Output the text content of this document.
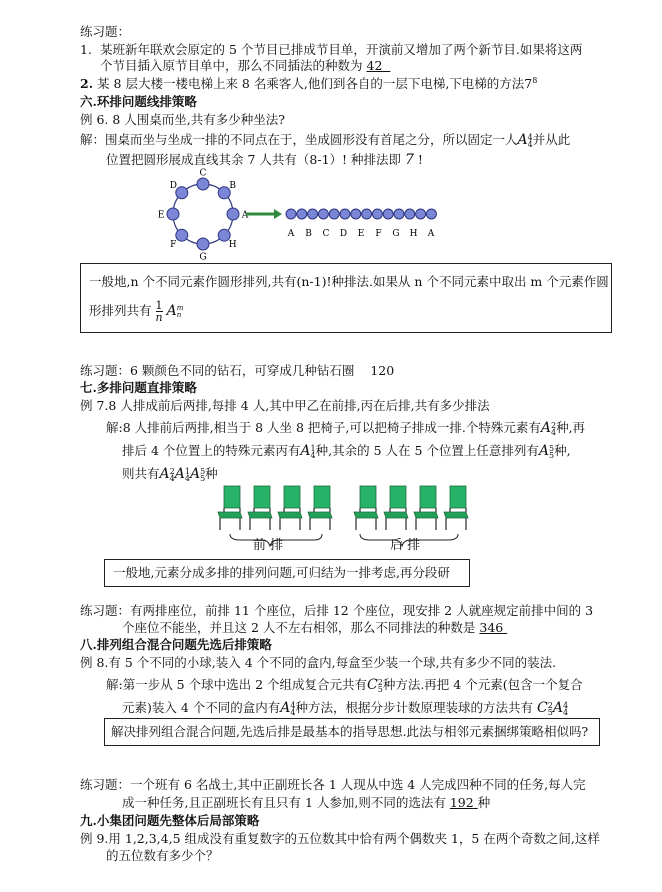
练习题：
1. 某班新年联欢会原定的 5 个节目已排成节目单，开演前又增加了两个新节目.如果将这两
个节目插入原节目单中，那么不同插法的种数为 42
2. 某 8 层大楼一楼电梯上来 8 名乘客人,他们到各自的一层下电梯,下电梯的方法$7^8$
六.环排问题线排策略
例 6. 8 人围桌而坐,共有多少种坐法?
解：围桌而坐与坐成一排的不同点在于，坐成圆形没有首尾之分，所以固定一人A4
4并从此
位置把圆形展成直线其余 7 人共有（8-1）! 种排法即 7 !
C
B
A
H
G
F
E
D
A B C D E F G H A
一般地,n 个不同元素作圆形排列,共有(n-1)!种排法.如果从 n 个不同元素中取出 m 个元素作圆
形排列共有 $\frac{1}{n}$ Am
n
练习题：6 颗颜色不同的钻石，可穿成几种钻石圈 120
七.多排问题直排策略
例 7.8 人排成前后两排,每排 4 人,其中甲乙在前排,丙在后排,共有多少排法
解:8 人排前后两排,相当于 8 人坐 8 把椅子,可以把椅子排成一排.个特殊元素有A2
4种,再
排后 4 个位置上的特殊元素丙有A1
4种,其余的 5 人在 5 个位置上任意排列有A5
5种,
则共有A2
4A1
4A5
5种
前 排	后 排
一般地,元素分成多排的排列问题,可归结为一排考虑,再分段研
练习题：有两排座位，前排 11 个座位，后排 12 个座位，现安排 2 人就座规定前排中间的 3
个座位不能坐，并且这 2 人不左右相邻，那么不同排法的种数是 346
八.排列组合混合问题先选后排策略
例 8.有 5 个不同的小球,装入 4 个不同的盒内,每盒至少装一个球,共有多少不同的装法.
解:第一步从 5 个球中选出 2 个组成复合元共有C2
5种方法.再把 4 个元素(包含一个复合
元素)装入 4 个不同的盒内有A4
4种方法，根据分步计数原理装球的方法共有 C2
5A4
4
解决排列组合混合问题,先选后排是最基本的指导思想.此法与相邻元素捆绑策略相似吗?
练习题：一个班有 6 名战士,其中正副班长各 1 人现从中选 4 人完成四种不同的任务,每人完
成一种任务,且正副班长有且只有 1 人参加,则不同的选法有 192 种
九.小集团问题先整体后局部策略
例 9.用 1,2,3,4,5 组成没有重复数字的五位数其中恰有两个偶数夹 1，5 在两个奇数之间,这样
的五位数有多少个？
